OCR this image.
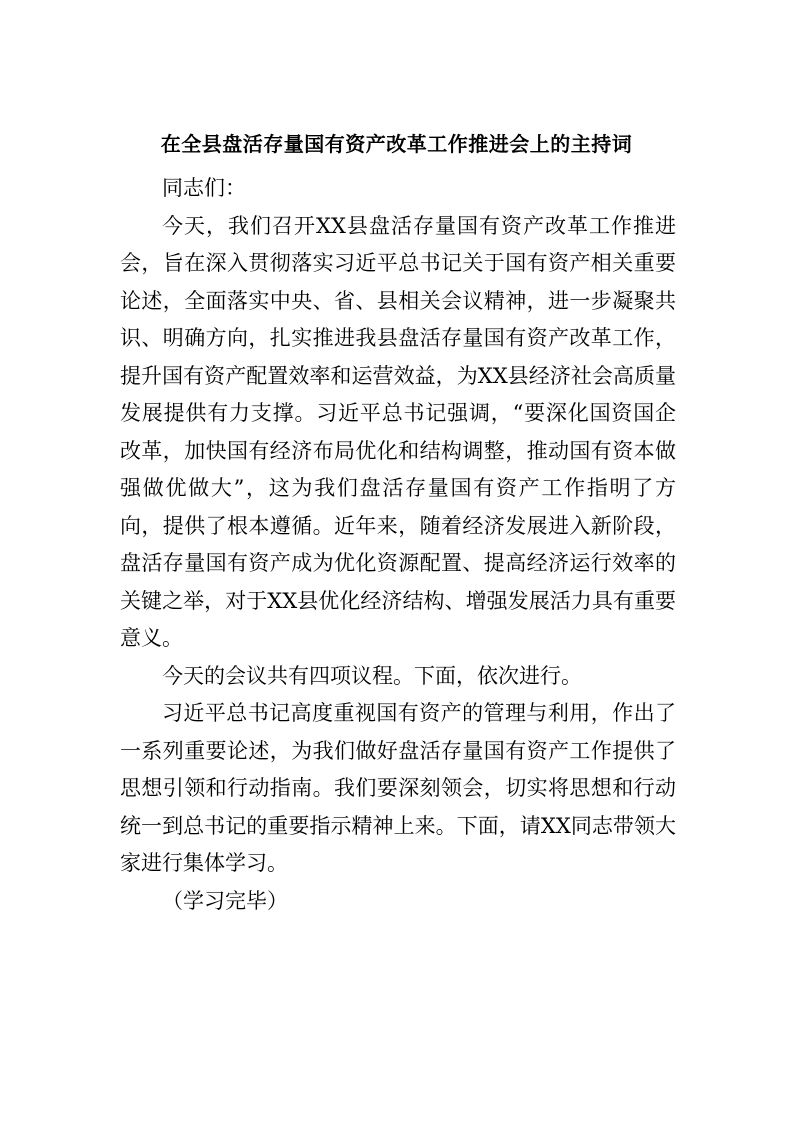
在全县盘活存量国有资产改革工作推进会上的主持词

同志们：

今天，我们召开XX县盘活存量国有资产改革工作推进会，旨在深入贯彻落实习近平总书记关于国有资产相关重要论述，全面落实中央、省、县相关会议精神，进一步凝聚共识、明确方向，扎实推进我县盘活存量国有资产改革工作，提升国有资产配置效率和运营效益，为XX县经济社会高质量发展提供有力支撑。习近平总书记强调，“要深化国资国企改革，加快国有经济布局优化和结构调整，推动国有资本做强做优做大”，这为我们盘活存量国有资产工作指明了方向，提供了根本遵循。近年来，随着经济发展进入新阶段，盘活存量国有资产成为优化资源配置、提高经济运行效率的关键之举，对于XX县优化经济结构、增强发展活力具有重要意义。

今天的会议共有四项议程。下面，依次进行。

习近平总书记高度重视国有资产的管理与利用，作出了一系列重要论述，为我们做好盘活存量国有资产工作提供了思想引领和行动指南。我们要深刻领会，切实将思想和行动统一到总书记的重要指示精神上来。下面，请XX同志带领大家进行集体学习。

（学习完毕）
